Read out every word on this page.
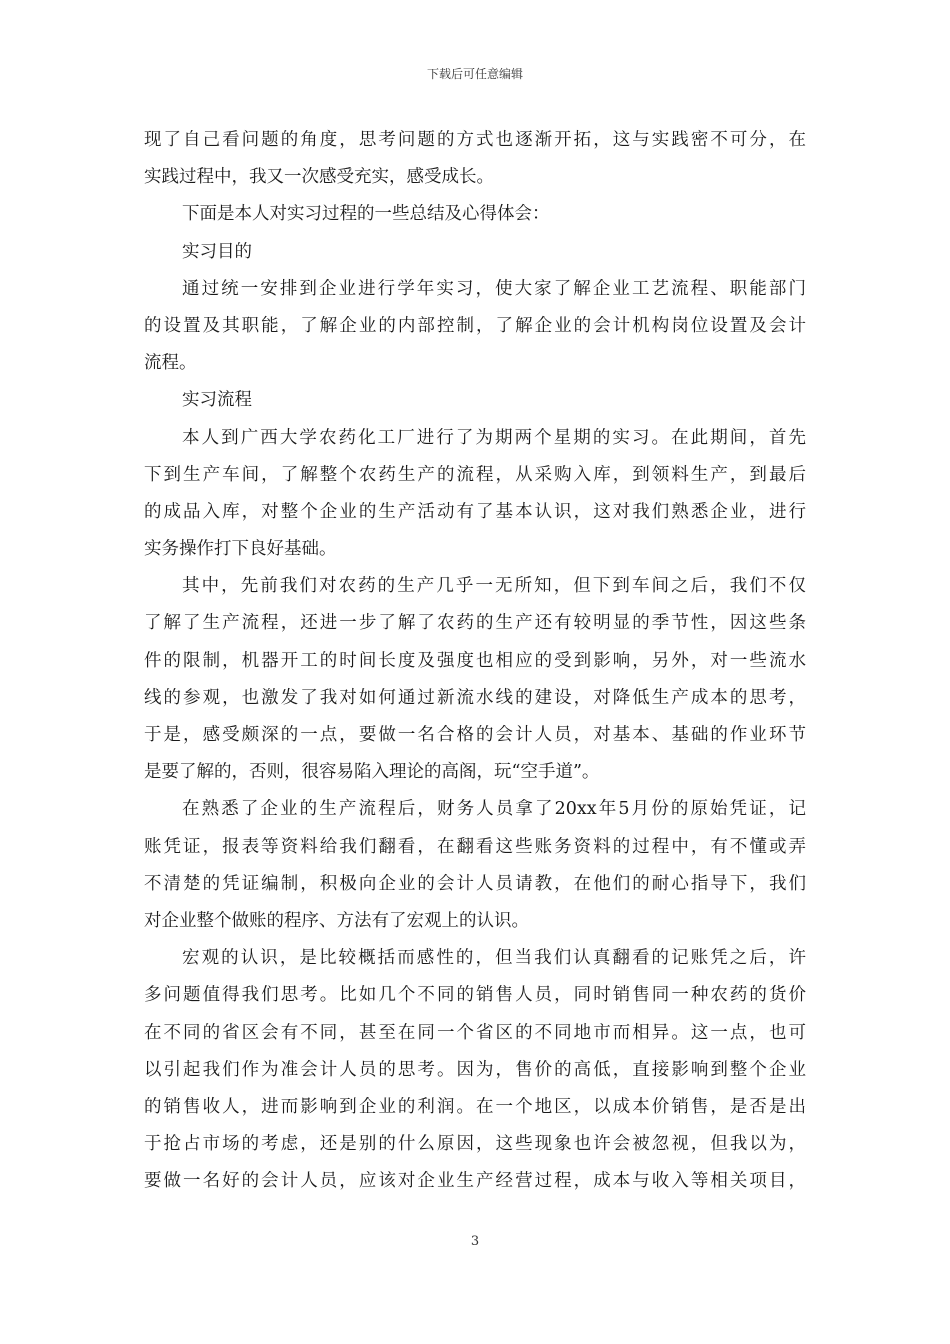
下载后可任意编辑
现了自己看问题的角度，思考问题的方式也逐渐开拓，这与实践密不可分，在
实践过程中，我又一次感受充实，感受成长。
下面是本人对实习过程的一些总结及心得体会：
实习目的
通过统一安排到企业进行学年实习，使大家了解企业工艺流程、职能部门
的设置及其职能，了解企业的内部控制，了解企业的会计机构岗位设置及会计
流程。
实习流程
本人到广西大学农药化工厂进行了为期两个星期的实习。在此期间，首先
下到生产车间，了解整个农药生产的流程，从采购入库，到领料生产，到最后
的成品入库，对整个企业的生产活动有了基本认识，这对我们熟悉企业，进行
实务操作打下良好基础。
其中，先前我们对农药的生产几乎一无所知，但下到车间之后，我们不仅
了解了生产流程，还进一步了解了农药的生产还有较明显的季节性，因这些条
件的限制，机器开工的时间长度及强度也相应的受到影响，另外，对一些流水
线的参观，也激发了我对如何通过新流水线的建设，对降低生产成本的思考，
于是，感受颇深的一点，要做一名合格的会计人员，对基本、基础的作业环节
是要了解的，否则，很容易陷入理论的高阁，玩“空手道”。
在熟悉了企业的生产流程后，财务人员拿了20xx年5月份的原始凭证，记
账凭证，报表等资料给我们翻看，在翻看这些账务资料的过程中，有不懂或弄
不清楚的凭证编制，积极向企业的会计人员请教，在他们的耐心指导下，我们
对企业整个做账的程序、方法有了宏观上的认识。
宏观的认识，是比较概括而感性的，但当我们认真翻看的记账凭之后，许
多问题值得我们思考。比如几个不同的销售人员，同时销售同一种农药的货价
在不同的省区会有不同，甚至在同一个省区的不同地市而相异。这一点，也可
以引起我们作为准会计人员的思考。因为，售价的高低，直接影响到整个企业
的销售收人，进而影响到企业的利润。在一个地区，以成本价销售，是否是出
于抢占市场的考虑，还是别的什么原因，这些现象也许会被忽视，但我以为，
要做一名好的会计人员，应该对企业生产经营过程，成本与收入等相关项目，
3
